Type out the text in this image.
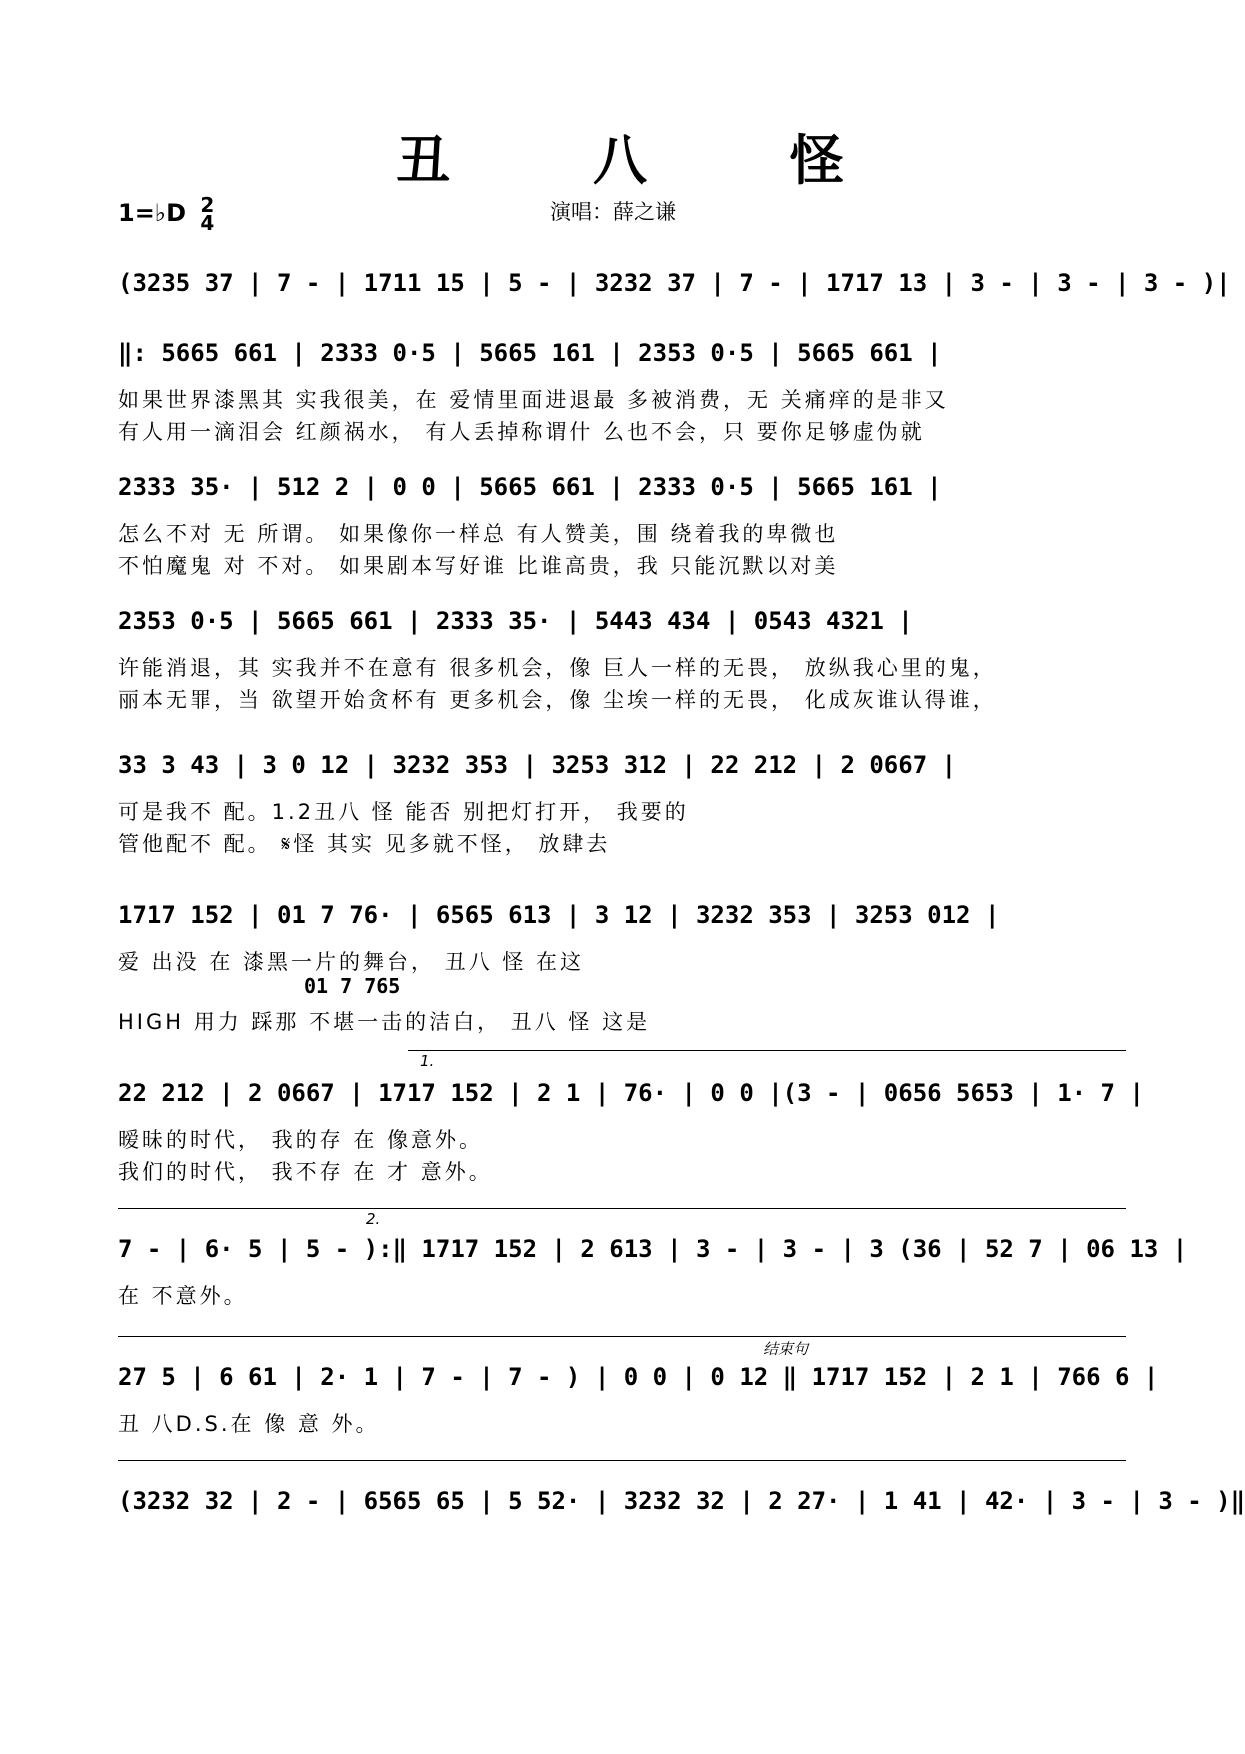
丑 八 怪
1=♭D 2
4	演唱：薛之谦
(3235 37 | 7 - | 1711 15 | 5 - | 3232 37 | 7 - | 1717 13 | 3 - | 3 - | 3 - )|
‖: 5665 661 | 2333 0·5 | 5665 161 | 2353 0·5 | 5665 661 |
如果世界漆黑其 实我很美，在 爱情里面进退最 多被消费，无 关痛痒的是非又
有人用一滴泪会 红颜祸水， 有人丢掉称谓什 么也不会，只 要你足够虚伪就
2333 35· | 512 2 | 0 0 | 5665 661 | 2333 0·5 | 5665 161 |
怎么不对 无 所谓。 如果像你一样总 有人赞美，围 绕着我的卑微也
不怕魔鬼 对 不对。 如果剧本写好谁 比谁高贵，我 只能沉默以对美
2353 0·5 | 5665 661 | 2333 35· | 5443 434 | 0543 4321 |
许能消退，其 实我并不在意有 很多机会，像 巨人一样的无畏， 放纵我心里的鬼，
丽本无罪，当 欲望开始贪杯有 更多机会，像 尘埃一样的无畏， 化成灰谁认得谁，
33 3 43 | 3 0 12 | 3232 353 | 3253 312 | 22 212 | 2 0667 |
可是我不 配。1.2丑八 怪 能否 别把灯打开， 我要的
管他配不 配。 𝄋怪 其实 见多就不怪， 放肆去
1717 152 | 01 7 76· | 6565 613 | 3 12 | 3232 353 | 3253 012 |
爱 出没 在 漆黑一片的舞台， 丑八 怪 在这
01 7 765
HIGH 用力 踩那 不堪一击的洁白， 丑八 怪 这是
1.
22 212 | 2 0667 | 1717 152 | 2 1 | 76· | 0 0 |(3 - | 0656 5653 | 1· 7 |
暧昧的时代， 我的存 在 像意外。
我们的时代， 我不存 在 才 意外。
2.
7 - | 6· 5 | 5 - ):‖ 1717 152 | 2 613 | 3 - | 3 - | 3 (36 | 52 7 | 06 13 |
在 不意外。
结束句
27 5 | 6 61 | 2· 1 | 7 - | 7 - ) | 0 0 | 0 12 ‖ 1717 152 | 2 1 | 766 6 |
丑 八D.S.在 像 意 外。
(3232 32 | 2 - | 6565 65 | 5 52· | 3232 32 | 2 27· | 1 41 | 42· | 3 - | 3 - )‖
